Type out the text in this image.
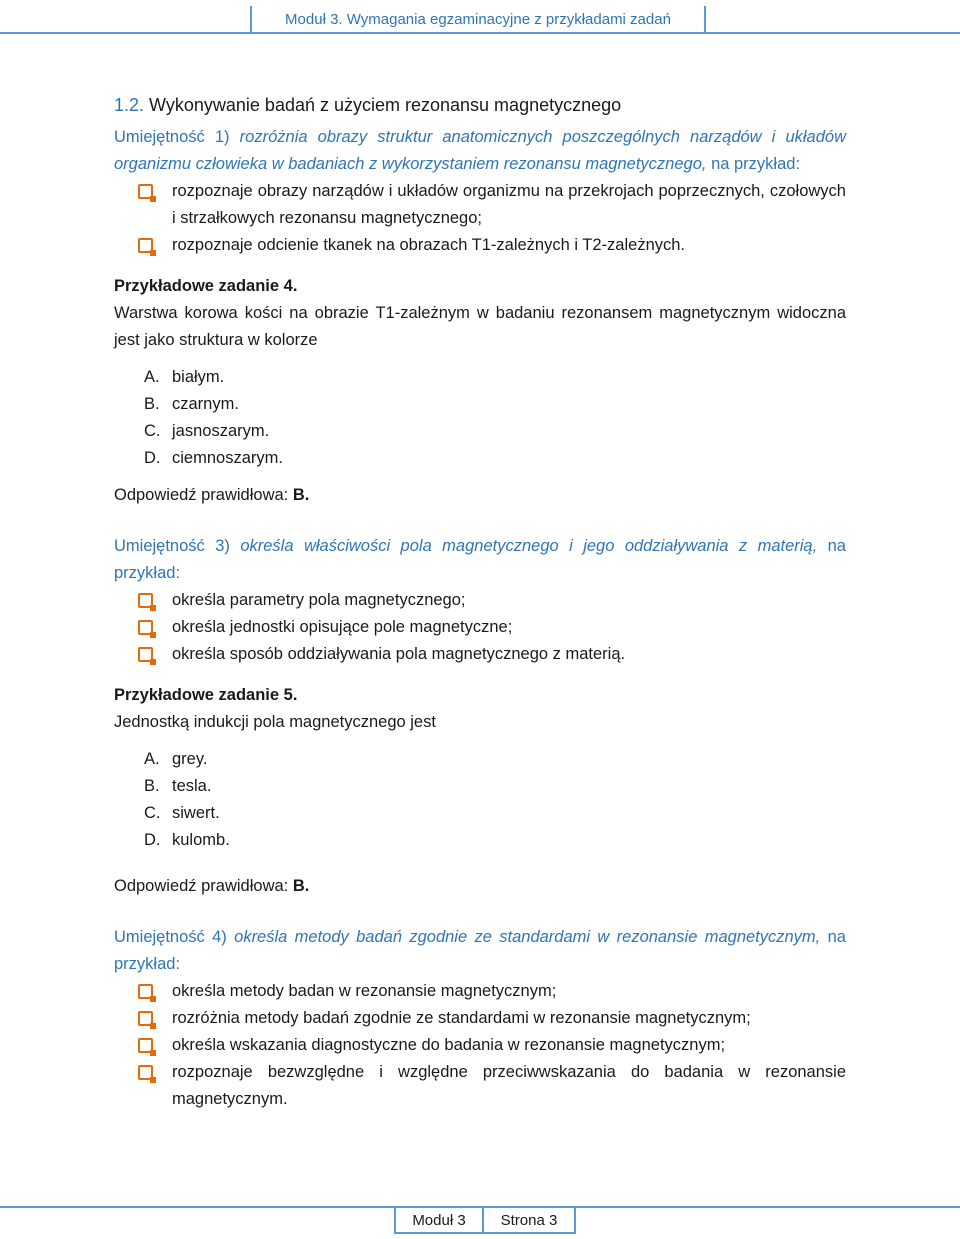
Moduł 3. Wymagania egzaminacyjne z przykładami zadań
1.2. Wykonywanie badań z użyciem rezonansu magnetycznego
Umiejętność 1) rozróżnia obrazy struktur anatomicznych poszczególnych narządów i układów organizmu człowieka w badaniach z wykorzystaniem rezonansu magnetycznego, na przykład:
rozpoznaje obrazy narządów i układów organizmu na przekrojach poprzecznych, czołowych i strzałkowych rezonansu magnetycznego;
rozpoznaje odcienie tkanek na obrazach T1-zależnych i T2-zależnych.
Przykładowe zadanie 4.
Warstwa korowa kości na obrazie T1-zależnym w badaniu rezonansem magnetycznym widoczna jest jako struktura w kolorze
A. białym.
B. czarnym.
C. jasnoszarym.
D. ciemnoszarym.
Odpowiedź prawidłowa: B.
Umiejętność 3) określa właściwości pola magnetycznego i jego oddziaływania z materią, na przykład:
określa parametry pola magnetycznego;
określa jednostki opisujące pole magnetyczne;
określa sposób oddziaływania pola magnetycznego z materią.
Przykładowe zadanie 5.
Jednostką indukcji pola magnetycznego jest
A. grey.
B. tesla.
C. siwert.
D. kulomb.
Odpowiedź prawidłowa: B.
Umiejętność 4) określa metody badań zgodnie ze standardami w rezonansie magnetycznym, na przykład:
określa metody badan w rezonansie magnetycznym;
rozróżnia metody badań zgodnie ze standardami w rezonansie magnetycznym;
określa wskazania diagnostyczne do badania w rezonansie magnetycznym;
rozpoznaje bezwzględne i względne przeciwwskazania do badania w rezonansie magnetycznym.
Moduł 3 Strona 3
